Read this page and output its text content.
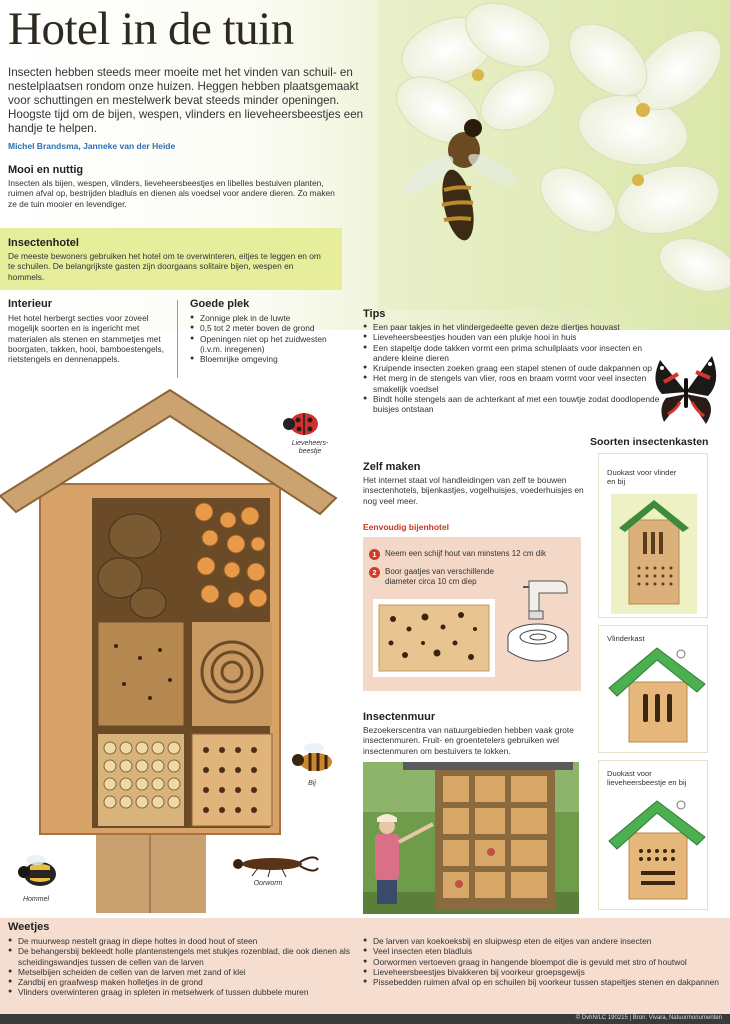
Hotel in de tuin
Insecten hebben steeds meer moeite met het vinden van schuil- en nestelplaatsen rondom onze huizen. Heggen hebben plaatsgemaakt voor schuttingen en mestelwerk bevat steeds minder openingen. Hoogste tijd om de bijen, wespen, vlinders en lieveheersbeestjes een handje te helpen.
Michel Brandsma, Janneke van der Heide
Mooi en nuttig
Insecten als bijen, wespen, vlinders, lieveheersbeestjes en libelles bestuiven planten, ruimen afval op, bestrijden bladluis en dienen als voedsel voor andere dieren. Zo maken ze de tuin mooier en levendiger.
Insectenhotel
De meeste bewoners gebruiken het hotel om te overwinteren, eitjes te leggen en om te schuilen. De belangrijkste gasten zijn doorgaans solitaire bijen, wespen en hommels.
Interieur
Het hotel herbergt secties voor zoveel mogelijk soorten en is ingericht met materialen als stenen en stammetjes met boorgaten, takken, hooi, bamboestengels, rietstengels en dennenappels.
Goede plek
● Zonnige plek in de luwte
● 0,5 tot 2 meter boven de grond
● Openingen niet op het zuidwesten (i.v.m. inregenen)
● Bloemrijke omgeving
Tips
● Een paar takjes in het vlindergedeelte geven deze diertjes houvast
● Lieveheersbeestjes houden van een plukje hooi in huis
● Een stapeltje dode takken vormt een prima schuilplaats voor insecten en andere kleine dieren
● Kruipende insecten zoeken graag een stapel stenen of oude dakpannen op
● Het merg in de stengels van vlier, roos en braam vormt voor veel insecten smakelijk voedsel
● Bindt holle stengels aan de achterkant af met een touwtje zodat doodlopende buisjes ontstaan
Soorten insectenkasten
Duokast voor vlinder en bij
Vlinderkast
Duokast voor lieveheersbeestje en bij
Zelf maken
Het internet staat vol handleidingen van zelf te bouwen insectenhotels, bijenkastjes, vogelhuisjes, voederhuisjes en nog veel meer.
Eenvoudig bijenhotel
1	Neem een schijf hout van minstens 12 cm dik
2	Boor gaatjes van verschillende diameter circa 10 cm diep
Insectenmuur
Bezoekerscentra van natuurgebieden hebben vaak grote insectenmuren. Fruit- en groentetelers gebruiken wel insectenmuren om bestuivers te lokken.
Lieveheers-beestje
Bij
Hommel
Oorworm
Weetjes
● De muurwesp nestelt graag in diepe holtes in dood hout of steen
● De behangersbij bekleedt holle plantenstengels met stukjes rozenblad, die ook dienen als scheidingswandjes tussen de cellen van de larven
● Metselbijen scheiden de cellen van de larven met zand of klei
● Zandbij en graafwesp maken holletjes in de grond
● Vlinders overwinteren graag in spleten in metselwerk of tussen dubbele muren
● De larven van koekoeksbij en sluipwesp eten de eitjes van andere insecten
● Veel insecten eten bladluis
● Oorwormen vertoeven graag in hangende bloempot die is gevuld met stro of houtwol
● Lieveheersbeestjes bivakkeren bij voorkeur groepsgewijs
● Pissebedden ruimen afval op en schuilen bij voorkeur tussen stapeltjes stenen en dakpannen
© DvhN/LC 190215 | Bron: Vivara, Natuurmonumenten
